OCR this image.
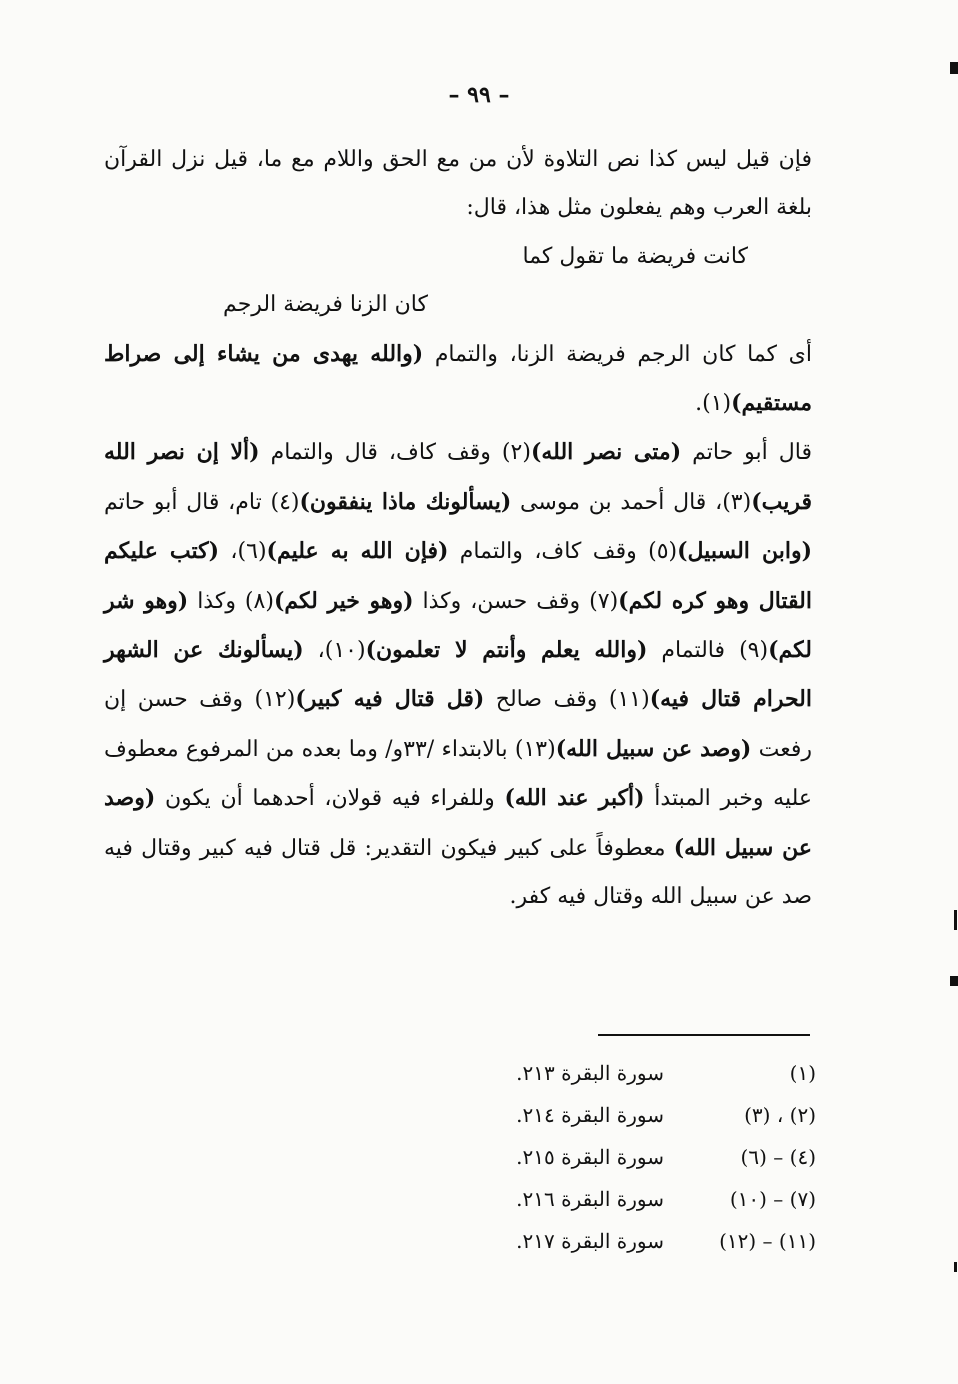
– ٩٩ –

فإن قيل ليس كذا نص التلاوة لأن من مع الحق واللام مع ما، قيل نزل القرآن بلغة العرب وهم يفعلون مثل هذا، قال:

كانت فريضة ما تقول كما
كان الزنا فريضة الرجم

أى كما كان الرجم فريضة الزنا، والتمام (والله يهدى من يشاء إلى صراط مستقيم)(١).

قال أبو حاتم (متى نصر الله)(٢) وقف كاف، قال والتمام (ألا إن نصر الله قريب)(٣)، قال أحمد بن موسى (يسألونك ماذا ينفقون)(٤) تام، قال أبو حاتم (وابن السبيل)(٥) وقف كاف، والتمام (فإن الله به عليم)(٦)، (كتب عليكم القتال وهو كره لكم)(٧) وقف حسن، وكذا (وهو خير لكم)(٨) وكذا (وهو شر لكم)(٩) فالتمام (والله يعلم وأنتم لا تعلمون)(١٠)، (يسألونك عن الشهر الحرام قتال فيه)(١١) وقف صالح (قل قتال فيه كبير)(١٢) وقف حسن إن رفعت (وصد عن سبيل الله)(١٣) بالابتداء /٣٣و/ وما بعده من المرفوع معطوف عليه وخبر المبتدأ (أكبر عند الله) وللفراء فيه قولان، أحدهما أن يكون (وصد عن سبيل الله) معطوفاً على كبير فيكون التقدير: قل قتال فيه كبير وقتال فيه صد عن سبيل الله وقتال فيه كفر.

(١)
سورة البقرة ٢١٣.
(٢) ، (٣)
سورة البقرة ٢١٤.
(٤) – (٦)
سورة البقرة ٢١٥.
(٧) – (١٠)
سورة البقرة ٢١٦.
(١١) – (١٢)
سورة البقرة ٢١٧.
